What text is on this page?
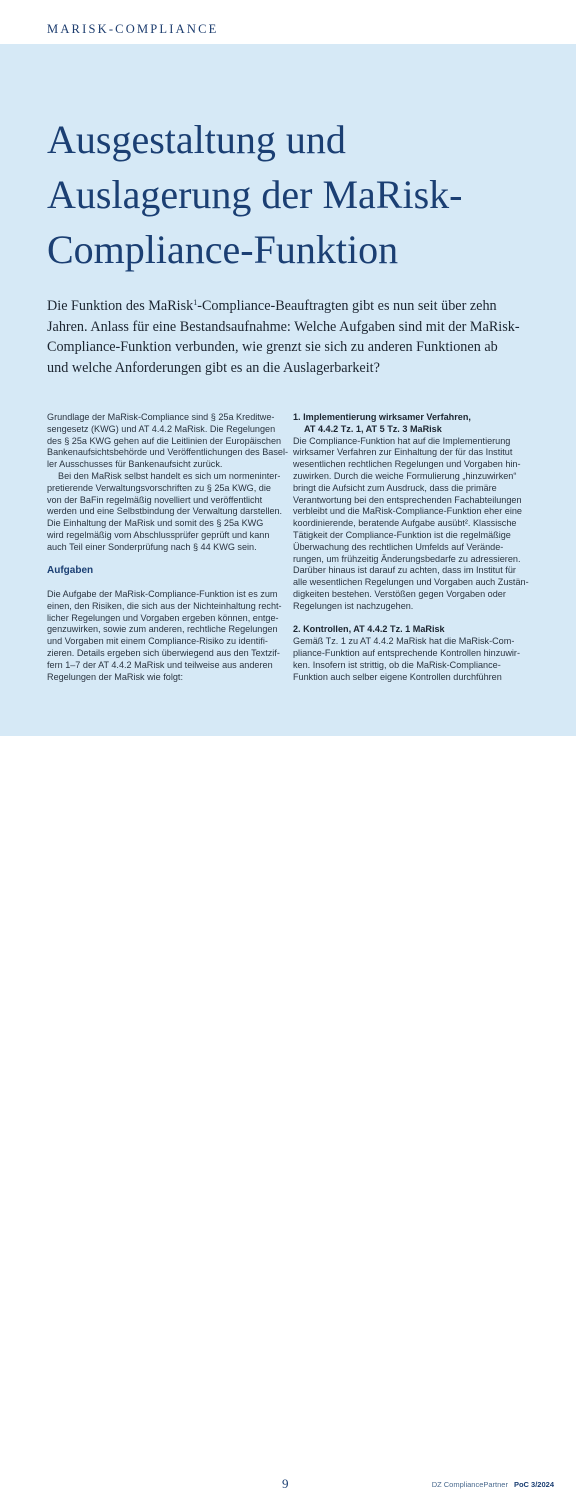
MARISK-COMPLIANCE
Ausgestaltung und
Auslagerung der MaRisk-
Compliance-Funktion

Die Funktion des MaRisk$^1$-Compliance-Beauftragten gibt es nun seit über zehn
Jahren. Anlass für eine Bestandsaufnahme: Welche Aufgaben sind mit der MaRisk-
Compliance-Funktion verbunden, wie grenzt sie sich zu anderen Funktionen ab
und welche Anforderungen gibt es an die Auslagerbarkeit?

Grundlage der MaRisk-Compliance sind § 25a Kreditwe-
sengesetz (KWG) und AT 4.4.2 MaRisk. Die Regelungen
des § 25a KWG gehen auf die Leitlinien der Europäischen
Bankenaufsichtsbehörde und Veröffentlichungen des Basel-
ler Ausschusses für Bankenaufsicht zurück.
Bei den MaRisk selbst handelt es sich um normeninter-
pretierende Verwaltungsvorschriften zu § 25a KWG, die
von der BaFin regelmäßig novelliert und veröffentlicht
werden und eine Selbstbindung der Verwaltung darstellen.
Die Einhaltung der MaRisk und somit des § 25a KWG
wird regelmäßig vom Abschlussprüfer geprüft und kann
auch Teil einer Sonderprüfung nach § 44 KWG sein.
Aufgaben
Die Aufgabe der MaRisk-Compliance-Funktion ist es zum
einen, den Risiken, die sich aus der Nichteinhaltung recht-
licher Regelungen und Vorgaben ergeben können, entge-
genzuwirken, sowie zum anderen, rechtliche Regelungen
und Vorgaben mit einem Compliance-Risiko zu identifi-
zieren. Details ergeben sich überwiegend aus den Textzif-
fern 1–7 der AT 4.4.2 MaRisk und teilweise aus anderen
Regelungen der MaRisk wie folgt:
1. Implementierung wirksamer Verfahren,
AT 4.4.2 Tz. 1, AT 5 Tz. 3 MaRisk
Die Compliance-Funktion hat auf die Implementierung
wirksamer Verfahren zur Einhaltung der für das Institut
wesentlichen rechtlichen Regelungen und Vorgaben hin-
zuwirken. Durch die weiche Formulierung „hinzuwirken“
bringt die Aufsicht zum Ausdruck, dass die primäre
Verantwortung bei den entsprechenden Fachabteilungen
verbleibt und die MaRisk-Compliance-Funktion eher eine
koordinierende, beratende Aufgabe ausübt². Klassische
Tätigkeit der Compliance-Funktion ist die regelmäßige
Überwachung des rechtlichen Umfelds auf Verände-
rungen, um frühzeitig Änderungsbedarfe zu adressieren.
Darüber hinaus ist darauf zu achten, dass im Institut für
alle wesentlichen Regelungen und Vorgaben auch Zustän-
digkeiten bestehen. Verstößen gegen Vorgaben oder
Regelungen ist nachzugehen.
2. Kontrollen, AT 4.4.2 Tz. 1 MaRisk
Gemäß Tz. 1 zu AT 4.4.2 MaRisk hat die MaRisk-Com-
pliance-Funktion auf entsprechende Kontrollen hinzuwir-
ken. Insofern ist strittig, ob die MaRisk-Compliance-
Funktion auch selber eigene Kontrollen durchführen
9	DZ CompliancePartner PoC 3/2024
